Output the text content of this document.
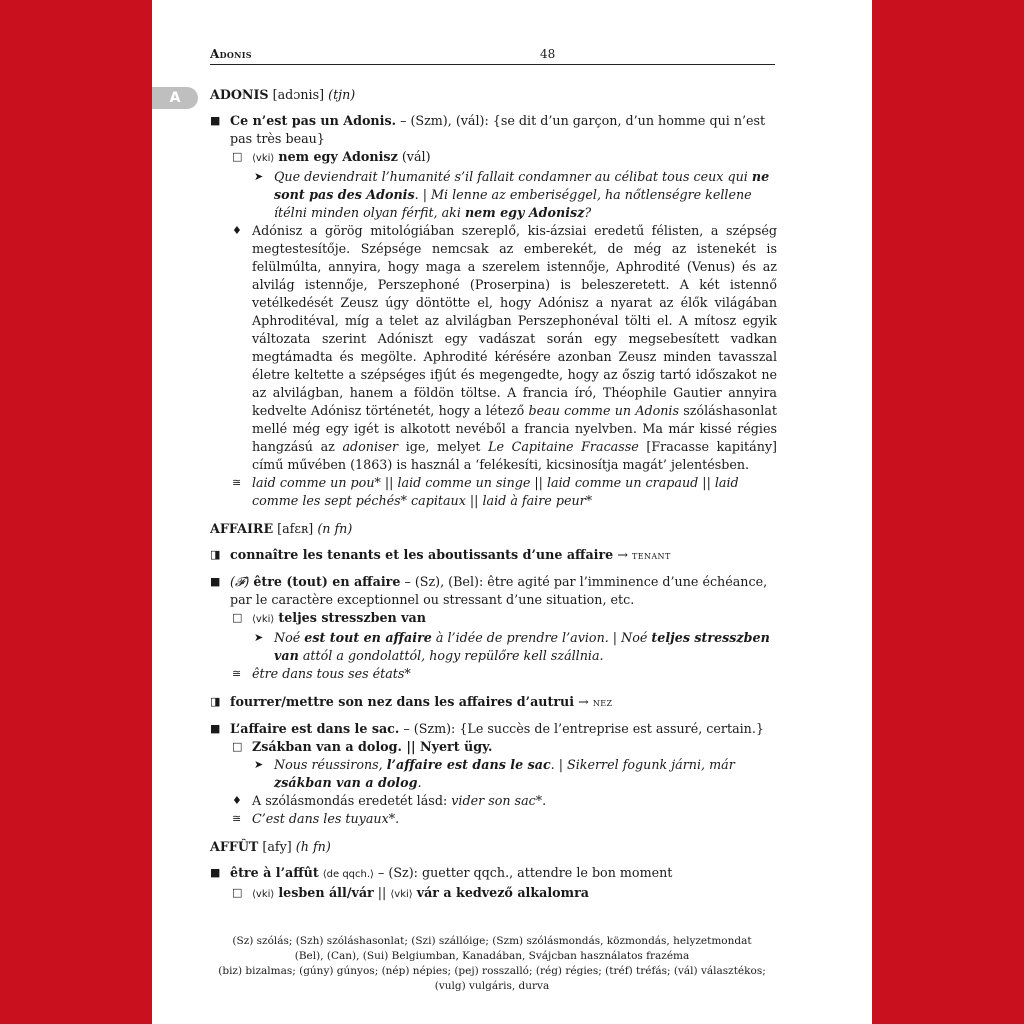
Adonis	48
A	ADONIS [adɔnis] (tjn)
■ Ce n’est pas un Adonis. – (Szm), (vál): {se dit d’un garçon, d’un homme qui n’est pas très beau}
□ ⟨vki⟩ nem egy Adonisz (vál)
➤ Que deviendrait l’humanité s’il fallait condamner au célibat tous ceux qui ne sont pas des Adonis. | Mi lenne az emberiséggel, ha nőtlenségre kellene ítélni minden olyan férfit, aki nem egy Adonisz?
♦ Adónisz a görög mitológiában szereplő, kis-ázsiai eredetű félisten, a szépség megtestesítője. Szépsége nemcsak az emberekét, de még az istenekét is felülmúlta, annyira, hogy maga a szerelem istennője, Aphrodité (Venus) és az alvilág istennője, Perszephoné (Proserpina) is beleszeretett. A két istennő vetélkedését Zeusz úgy döntötte el, hogy Adónisz a nyarat az élők világában Aphroditéval, míg a telet az alvilágban Perszephonéval tölti el. A mítosz egyik változata szerint Adóniszt egy vadászat során egy megsebesített vadkan megtámadta és megölte. Aphrodité kérésére azonban Zeusz minden tavasszal életre keltette a szépséges ifjút és megengedte, hogy az őszig tartó időszakot ne az alvilágban, hanem a földön töltse. A francia író, Théophile Gautier annyira kedvelte Adónisz történetét, hogy a létező beau comme un Adonis szóláshasonlat mellé még egy igét is alkotott nevéből a francia nyelvben. Ma már kissé régies hangzású az adoniser ige, melyet Le Capitaine Fracasse [Fracasse kapitány] című művében (1863) is használ a ‘felékesíti, kicsinosítja magát’ jelentésben.
≅ laid comme un pou* || laid comme un singe || laid comme un crapaud || laid comme les sept péchés* capitaux || laid à faire peur*
AFFAIRE [afɛʀ] (n fn)
◨ connaître les tenants et les aboutissants d’une affaire → tenant
■ (𝓕) être (tout) en affaire – (Sz), (Bel): être agité par l’imminence d’une échéance, par le caractère exceptionnel ou stressant d’une situation, etc.
□ ⟨vki⟩ teljes stresszben van
➤ Noé est tout en affaire à l’idée de prendre l’avion. | Noé teljes stresszben van attól a gondolattól, hogy repülőre kell szállnia.
≅ être dans tous ses états*
◨ fourrer/mettre son nez dans les affaires d’autrui → nez
■ L’affaire est dans le sac. – (Szm): {Le succès de l’entreprise est assuré, certain.}
□ Zsákban van a dolog. || Nyert ügy.
➤ Nous réussirons, l’affaire est dans le sac. | Sikerrel fogunk járni, már zsákban van a dolog.
♦ A szólásmondás eredetét lásd: vider son sac*.
≅ C’est dans les tuyaux*.
AFFÛT [afy] (h fn)
■ être à l’affût ⟨de qqch.⟩ – (Sz): guetter qqch., attendre le bon moment
□ ⟨vki⟩ lesben áll/vár || ⟨vki⟩ vár a kedvező alkalomra
(Sz) szólás; (Szh) szóláshasonlat; (Szi) szállóige; (Szm) szólásmondás, közmondás, helyzetmondat
(Bel), (Can), (Sui) Belgiumban, Kanadában, Svájcban használatos frazéma
(biz) bizalmas; (gúny) gúnyos; (nép) népies; (pej) rosszalló; (rég) régies; (tréf) tréfás; (vál) választékos;
(vulg) vulgáris, durva
